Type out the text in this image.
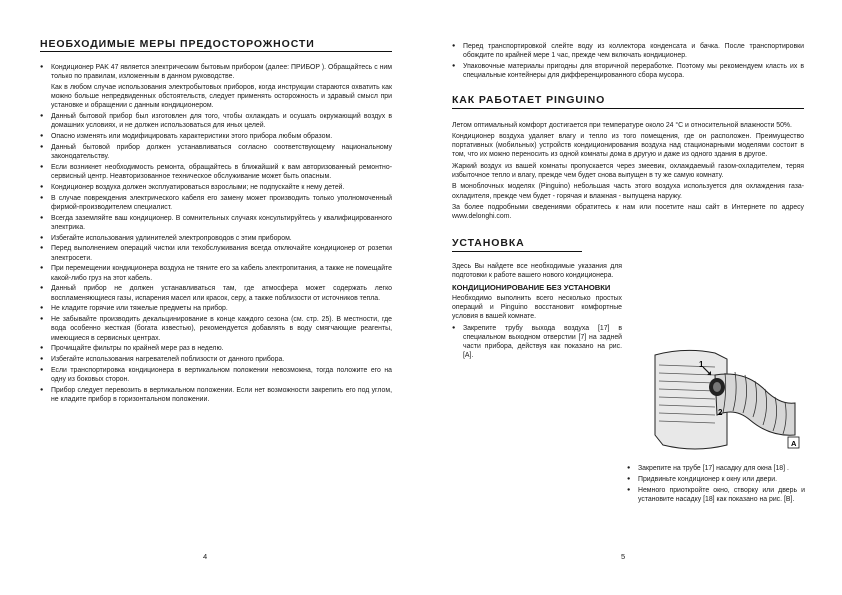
НЕОБХОДИМЫЕ МЕРЫ ПРЕДОСТОРОЖНОСТИ
● Кондиционер PAK 47 является электрическим бытовым прибором (далее: ПРИБОР ). Обращайтесь с ним только по правилам, изложенным в данном руководстве.
Как в любом случае использования электробытовых приборов, когда инструкции стараются охватить как можно больше непредвиденных обстоятельств, следует применять осторожность и здравый смысл при установке и обращении с данным кондиционером.
● Данный бытовой прибор был изготовлен для того, чтобы охлаждать и осушать окружающий воздух в домашних условиях, и не должен использоваться для иных целей.
● Опасно изменять или модифицировать характеристики этого прибора любым образом.
● Данный бытовой прибор должен устанавливаться согласно соответствующему национальному законодательству.
● Если возникнет необходимость ремонта, обращайтесь в ближайший к вам авторизованный ремонтно-сервисный центр. Неавторизованное техническое обслуживание может быть опасным.
● Кондиционер воздуха должен эксплуатироваться взрослыми; не подпускайте к нему детей.
● В случае повреждения электрического кабеля его замену может производить только уполномоченный фирмой-производителем специалист.
● Всегда заземляйте ваш кондиционер. В сомнительных случаях консультируйтесь у квалифицированного электрика.
● Избегайте использования удлинителей электропроводов с этим прибором.
● Перед выполнением операций чистки или техобслуживания всегда отключайте кондиционер от розетки электросети.
● При перемещении кондиционера воздуха не тяните его за кабель электропитания, а также не помещайте какой-либо груз на этот кабель.
● Данный прибор не должен устанавливаться там, где атмосфера может содержать легко воспламеняющиеся газы, испарения масел или красок, серу, а также поблизости от источников тепла.
● Не кладите горячие или тяжелые предметы на прибор.
● Не забывайте производить декальцинирование в конце каждого сезона (см. стр. 25). В местности, где вода особенно жесткая (богата известью), рекомендуется добавлять в воду смягчающие реагенты, имеющиеся в сервисных центрах.
● Прочищайте фильтры по крайней мере раз в неделю.
● Избегайте использования нагревателей поблизости от данного прибора.
● Если транспортировка кондиционера в вертикальном положении невозможна, тогда положите его на одну из боковых сторон.
● Прибор следует перевозить в вертикальном положении. Если нет возможности закрепить его под углом, не кладите прибор в горизонтальном положении.
4
● Перед транспортировкой слейте воду из коллектора конденсата и бачка. После транспортировки обождите по крайней мере 1 час, прежде чем включать кондиционер.
● Упаковочные материалы пригодны для вторичной переработке. Поэтому мы рекомендуем класть их в специальные контейнеры для дифференцированного сбора мусора.
КАК РАБОТАЕТ PINGUINO

Летом оптимальный комфорт достигается при температуре около 24 °С и относительной влажности 50%.

Кондиционер воздуха удаляет влагу и тепло из того помещения, где он расположен. Преимущество портативных (мобильных) устройств кондиционирования воздуха над стационарными моделями состоит в том, что их можно переносить из одной комнаты дома в другую и даже из одного здания в другое.

Жаркий воздух из вашей комнаты пропускается через змеевик, охлаждаемый газом-охладителем, теряя избыточное тепло и влагу, прежде чем будет снова выпущен в ту же самую комнату.

В моноблочных моделях (Pinguino) небольшая часть этого воздуха используется для охлаждения газа-охладителя, прежде чем будет - горячая и влажная - выпущена наружу.

За более подробными сведениями обратитесь к нам или посетите наш сайт в Интернете по адресу www.delonghi.com.

УСТАНОВКА

Здесь Вы найдете все необходимые указания для подготовки к работе вашего нового кондиционера.

КОНДИЦИОНИРОВАНИЕ БЕЗ УСТАНОВКИ

Необходимо выполнить всего несколько простых операций и Pinguino восстановит комфортные условия в вашей комнате.

● Закрепите трубу выхода воздуха [17] в специальном выходном отверстии [7] на задней части прибора, действуя как показано на рис. [А].
● Закрепите на трубе [17] насадку для окна [18] .
● Придвиньте кондиционер к окну или двери.
● Немного приоткройте окно, створку или дверь и установите насадку [18] как показано на рис. [B].
1
2
A
5
